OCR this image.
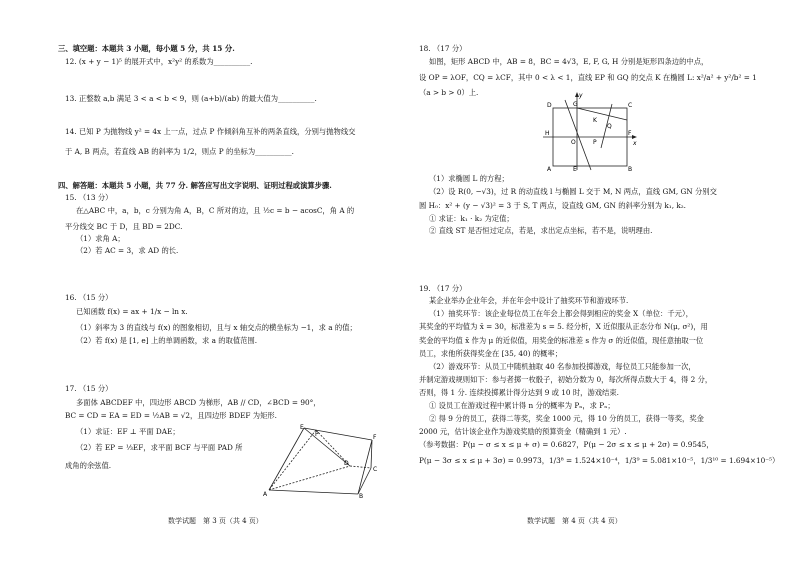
三、填空题：本题共 3 小题，每小题 5 分，共 15 分.
12. (x + y − 1)⁵ 的展开式中，x²y² 的系数为__________.
13. 正整数 a,b 满足 3 < a < b < 9，则 (a+b)/(ab) 的最大值为__________.
14. 已知 P 为抛物线 y² = 4x 上一点，过点 P 作倾斜角互补的两条直线，分别与抛物线交
于 A, B 两点，若直线 AB 的斜率为 1/2，则点 P 的坐标为__________.
四、解答题：本题共 5 小题，共 77 分. 解答应写出文字说明、证明过程或演算步骤.
15. （13 分）
在△ABC 中，a，b，c 分别为角 A，B，C 所对的边，且 ½c = b − acosC，角 A 的
平分线交 BC 于 D，且 BD = 2DC.
（1）求角 A；
（2）若 AC = 3，求 AD 的长.
16. （15 分）
已知函数 f(x) = ax + 1/x − ln x.
（1）斜率为 3 的直线与 f(x) 的图象相切，且与 x 轴交点的横坐标为 −1，求 a 的值；
（2）若 f(x) 是 [1, e] 上的单调函数，求 a 的取值范围.
17. （15 分）
多面体 ABCDEF 中，四边形 ABCD 为梯形，AB // CD，∠BCD = 90°，
BC = CD = EA = ED = ½AB = √2，且四边形 BDEF 为矩形.
（1）求证：EF ⊥ 平面 DAE；
（2）若 EP = ⅓EF，求平面 BCF 与平面 PAD 所
成角的余弦值.
E
F
P
D
C
A	B
数学试题　第 3 页（共 4 页）
18. （17 分）
如图，矩形 ABCD 中，AB = 8，BC = 4√3，E, F, G, H 分别是矩形四条边的中点，
设 OP = λOF，CQ = λCF，其中 0 < λ < 1，直线 EP 和 GQ 的交点 K 在椭圆 L: x²/a² + y²/b² = 1
（a > b > 0）上.	y
x
D	C
A	B
G
H	F
E
O	P
Q
K
（1）求椭圆 L 的方程；
（2）设 R(0, −√3)，过 R 的动直线 l 与椭圆 L 交于 M, N 两点，直线 GM, GN 分别交
圆 H₀：x² + (y − √3)² = 3 于 S, T 两点，设直线 GM, GN 的斜率分别为 k₁, k₂.
① 求证：k₁ · k₂ 为定值；
② 直线 ST 是否恒过定点，若是，求出定点坐标，若不是，说明理由.
19. （17 分）
某企业举办企业年会，并在年会中设计了抽奖环节和游戏环节.
（1）抽奖环节：该企业每位员工在年会上都会得到相应的奖金 X（单位：千元），
其奖金的平均值为 x̄ = 30，标准差为 s = 5. 经分析，X 近似服从正态分布 N(μ, σ²)，用
奖金的平均值 x̄ 作为 μ 的近似值，用奖金的标准差 s 作为 σ 的近似值，现任意抽取一位
员工，求他所获得奖金在 [35, 40) 的概率；
（2）游戏环节：从员工中随机抽取 40 名参加投掷游戏，每位员工只能参加一次，
并制定游戏规则如下：参与者掷一枚骰子，初始分数为 0，每次所得点数大于 4，得 2 分，
否则，得 1 分. 连续投掷累计得分达到 9 或 10 时，游戏结束.
① 设员工在游戏过程中累计得 n 分的概率为 Pₙ，求 Pₙ；
② 得 9 分的员工，获得二等奖，奖金 1000 元，得 10 分的员工，获得一等奖，奖金
2000 元，估计该企业作为游戏奖励的预算资金（精确到 1 元）.
（参考数据：P(μ − σ ≤ x ≤ μ + σ) = 0.6827，P(μ − 2σ ≤ x ≤ μ + 2σ) = 0.9545，
P(μ − 3σ ≤ x ≤ μ + 3σ) = 0.9973，1/3⁸ = 1.524×10⁻⁴，1/3⁹ = 5.081×10⁻⁵，1/3¹⁰ = 1.694×10⁻⁵）
数学试题　第 4 页（共 4 页）
